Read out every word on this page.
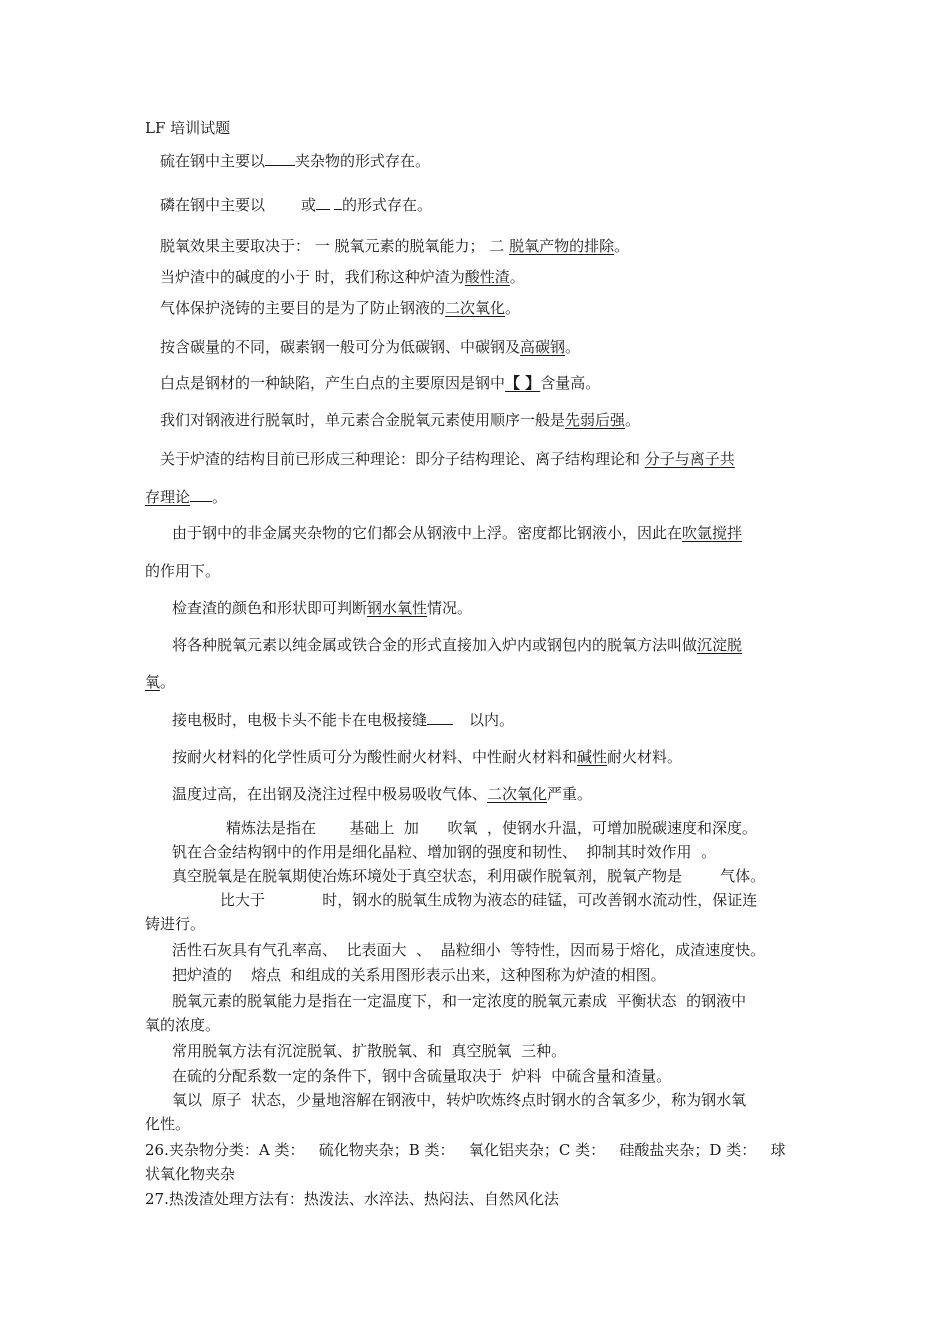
LF 培训试题
硫在钢中主要以 夹杂物的形式存在。
磷在钢中主要以 或 的形式存在。
脱氧效果主要取决于： 一 脱氧元素的脱氧能力； 二 脱氧产物的排除。
当炉渣中的碱度的小于 时，我们称这种炉渣为酸性渣。
气体保护浇铸的主要目的是为了防止钢液的二次氧化。
按含碳量的不同，碳素钢一般可分为低碳钢、中碳钢及高碳钢。
白点是钢材的一种缺陷，产生白点的主要原因是钢中【 】含量高。
我们对钢液进行脱氧时，单元素合金脱氧元素使用顺序一般是先弱后强。
关于炉渣的结构目前已形成三种理论：即分子结构理论、离子结构理论和 分子与离子共
存理论 。
由于钢中的非金属夹杂物的它们都会从钢液中上浮。密度都比钢液小，因此在吹氩搅拌
的作用下。
检查渣的颜色和形状即可判断钢水氧性情况。
将各种脱氧元素以纯金属或铁合金的形式直接加入炉内或钢包内的脱氧方法叫做沉淀脱
氧。
接电极时，电极卡头不能卡在电极接缝	以内。
按耐火材料的化学性质可分为酸性耐火材料、中性耐火材料和碱性耐火材料。
温度过高，在出钢及浇注过程中极易吸收气体、二次氧化严重。
精炼法是指在       基础上  加      吹氧  ，使钢水升温，可增加脱碳速度和深度。
钒在合金结构钢中的作用是细化晶粒、增加钢的强度和韧性、  抑制其时效作用  。
真空脱氧是在脱氧期使冶炼环境处于真空状态，利用碳作脱氧剂，脱氧产物是        气体。
比大于            时，钢水的脱氧生成物为液态的硅锰，可改善钢水流动性，保证连
铸进行。
活性石灰具有气孔率高、  比表面大  、  晶粒细小  等特性，因而易于熔化，成渣速度快。
把炉渣的    熔点  和组成的关系用图形表示出来，这种图称为炉渣的相图。
脱氧元素的脱氧能力是指在一定温度下，和一定浓度的脱氧元素成  平衡状态  的钢液中
氧的浓度。
常用脱氧方法有沉淀脱氧、扩散脱氧、和  真空脱氧  三种。
在硫的分配系数一定的条件下，钢中含硫量取决于  炉料  中硫含量和渣量。
氧以  原子  状态，少量地溶解在钢液中，转炉吹炼终点时钢水的含氧多少，称为钢水氧
化性。
26.夹杂物分类：A 类：   硫化物夹杂；B 类：   氧化铝夹杂；C 类：   硅酸盐夹杂；D 类：   球
状氧化物夹杂
27.热泼渣处理方法有：热泼法、水淬法、热闷法、自然风化法
